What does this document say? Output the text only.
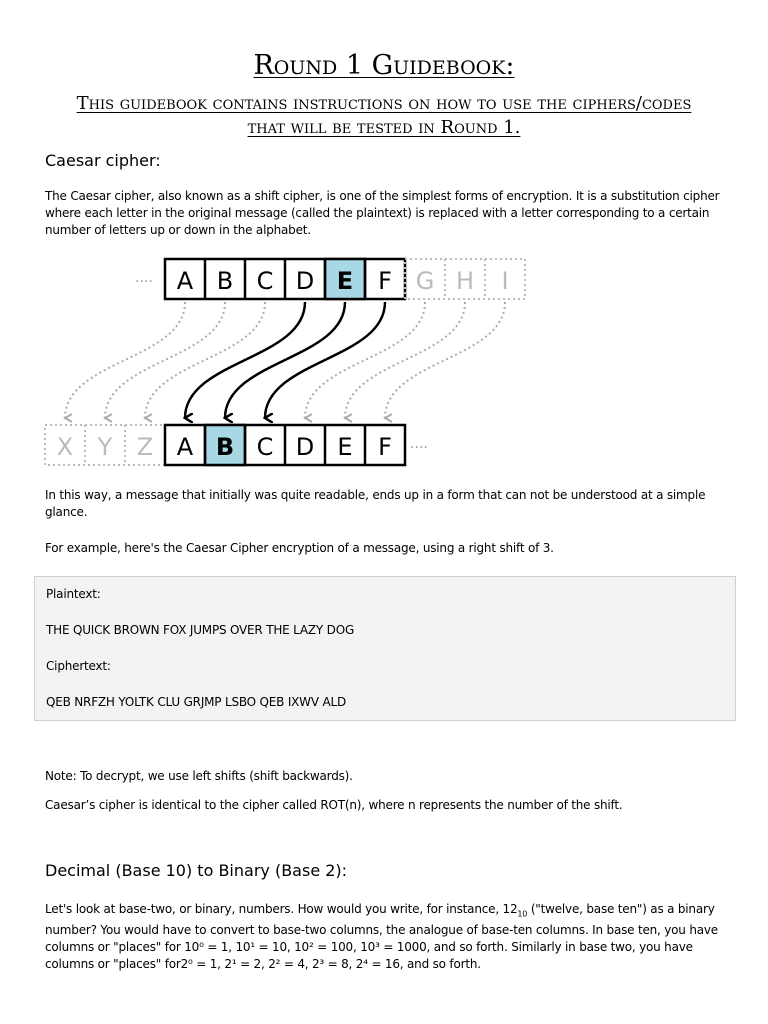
Round 1 Guidebook:
This guidebook contains instructions on how to use the ciphers/codes that will be tested in Round 1.
Caesar cipher:
The Caesar cipher, also known as a shift cipher, is one of the simplest forms of encryption. It is a substitution cipher where each letter in the original message (called the plaintext) is replaced with a letter corresponding to a certain number of letters up or down in the alphabet.
···· A B C D E F G H I
X Y Z A B C D E F ····
In this way, a message that initially was quite readable, ends up in a form that can not be understood at a simple glance.
For example, here's the Caesar Cipher encryption of a message, using a right shift of 3.
Plaintext:
THE QUICK BROWN FOX JUMPS OVER THE LAZY DOG
Ciphertext:
QEB NRFZH YOLTK CLU GRJMP LSBO QEB IXWV ALD
Note: To decrypt, we use left shifts (shift backwards).
Caesar’s cipher is identical to the cipher called ROT(n), where n represents the number of the shift.
Decimal (Base 10) to Binary (Base 2):
Let's look at base-two, or binary, numbers. How would you write, for instance, $12_{10}$ ("twelve, base ten") as a binary
number? You would have to convert to base-two columns, the analogue of base-ten columns. In base ten, you have
columns or "places" for 10⁰ = 1, 10¹ = 10, 10² = 100, 10³ = 1000, and so forth. Similarly in base two, you have
columns or "places" for2⁰ = 1, 2¹ = 2, 2² = 4, 2³ = 8, 2⁴ = 16, and so forth.
